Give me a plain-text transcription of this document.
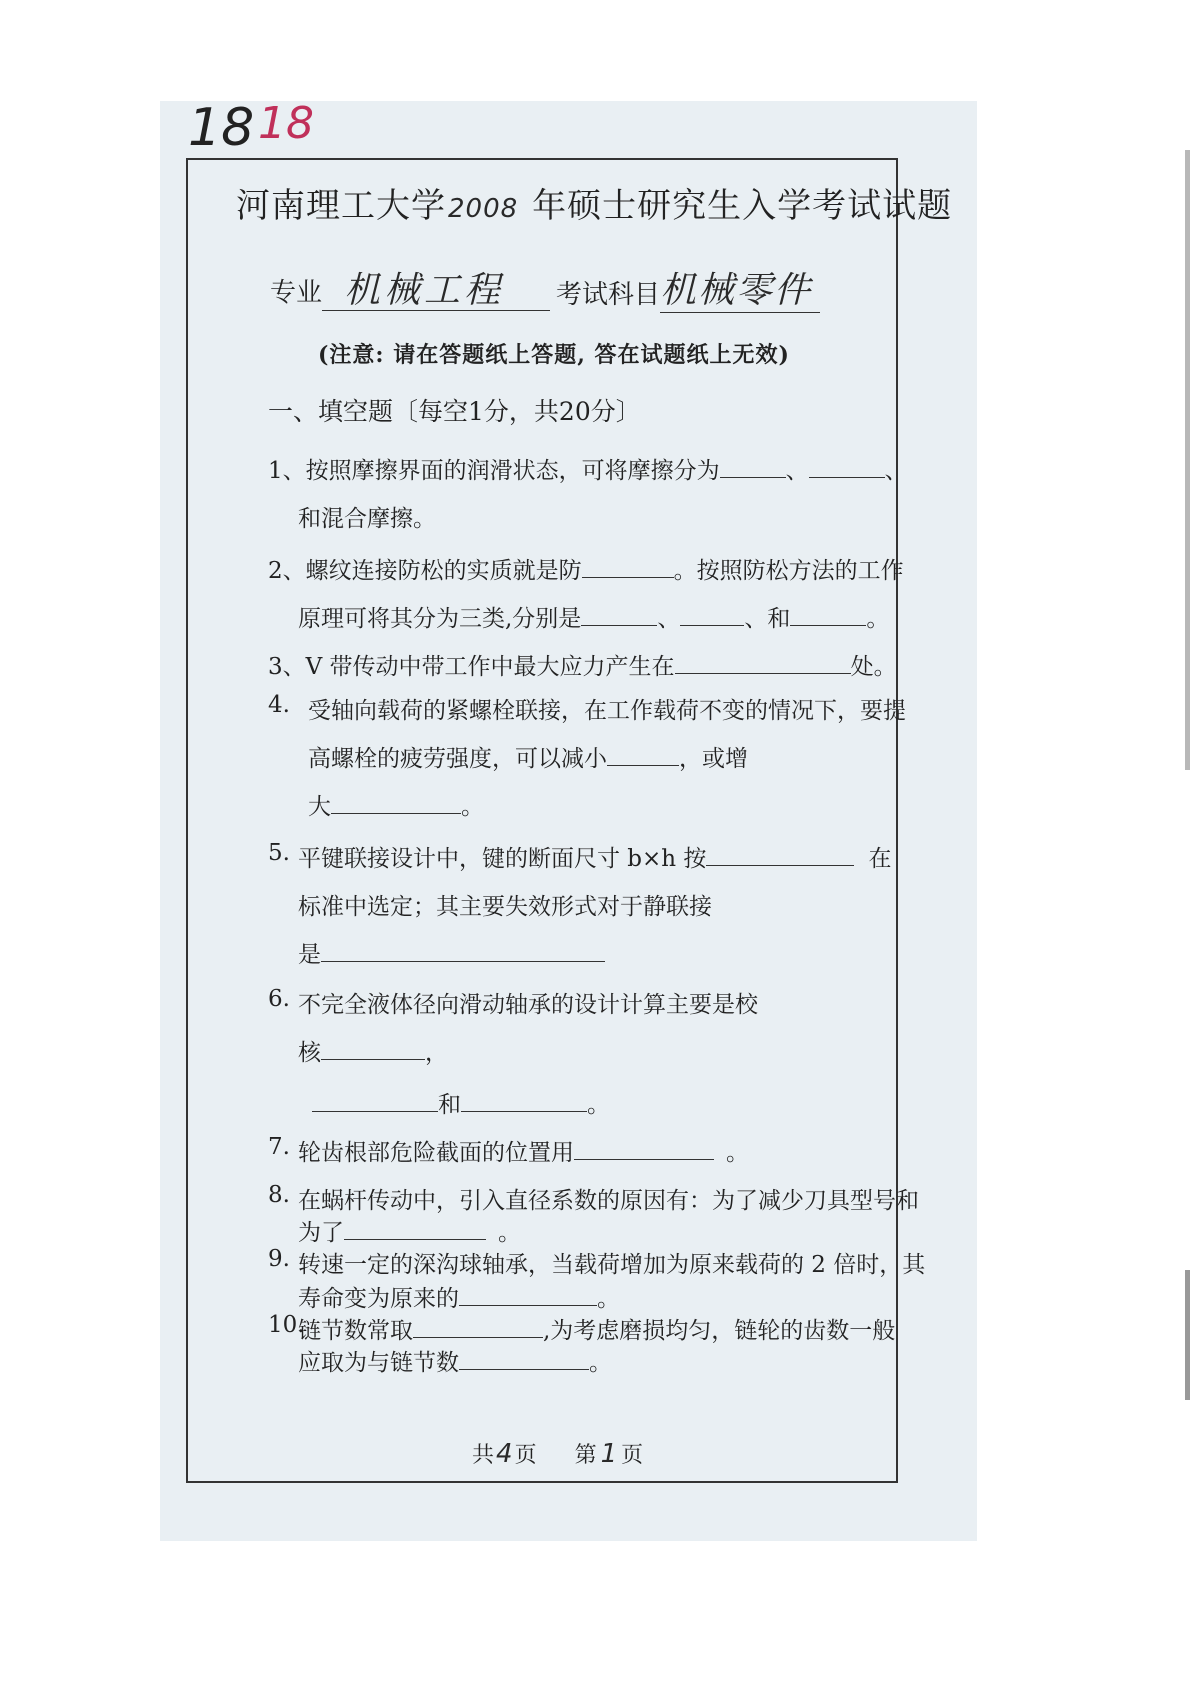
18 18
河南理工大学2008 年硕士研究生入学考试试题
专业 机械工程 考试科目 机械零件
(注意: 请在答题纸上答题, 答在试题纸上无效)
一、填空题〔每空1分，共20分〕
1、按照摩擦界面的润滑状态，可将摩擦分为	、	、
和混合摩擦。
2、螺纹连接防松的实质就是防	。按照防松方法的工作
原理可将其分为三类,分别是	、	、和	。
3、V 带传动中带工作中最大应力产生在	处。
4. 受轴向载荷的紧螺栓联接，在工作载荷不变的情况下，要提
高螺栓的疲劳强度，可以减小	，或增
大	。
5. 平键联接设计中，键的断面尺寸 b×h 按	在
标准中选定；其主要失效形式对于静联接
是
6. 不完全液体径向滑动轴承的设计计算主要是校
核	，
和	。
7. 轮齿根部危险截面的位置用	。
8. 在蜗杆传动中，引入直径系数的原因有：为了减少刀具型号和
为了	。
9. 转速一定的深沟球轴承，当载荷增加为原来载荷的 2 倍时，其
寿命变为原来的	。
10.
链节数常取	,为考虑磨损均匀，链轮的齿数一般
应取为与链节数	。
共4页 第 1 页
